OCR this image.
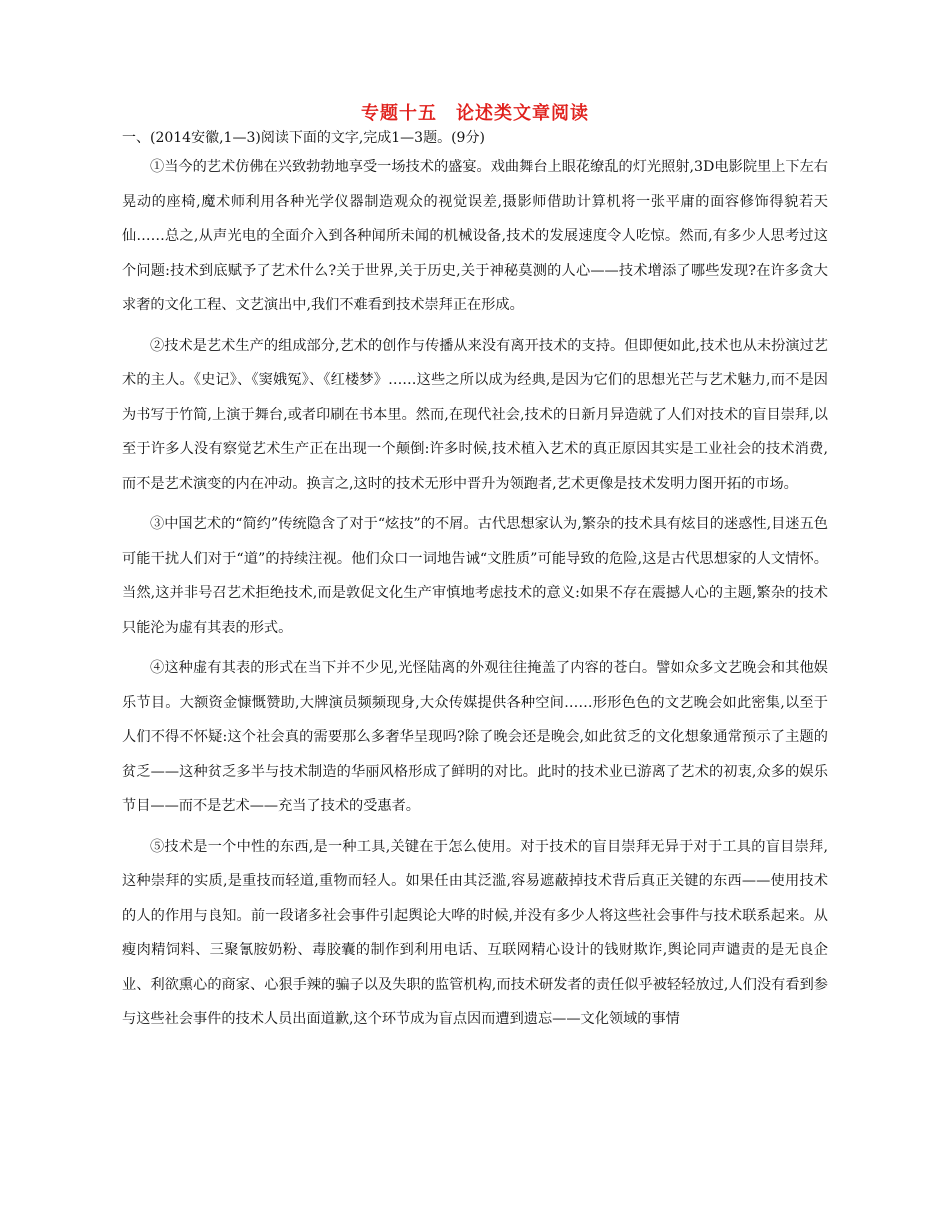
专题十五　论述类文章阅读
一、(2014安徽,1—3)阅读下面的文字,完成1—3题。(9分)

①当今的艺术仿佛在兴致勃勃地享受一场技术的盛宴。戏曲舞台上眼花缭乱的灯光照射,3D电影院里上下左右晃动的座椅,魔术师利用各种光学仪器制造观众的视觉误差,摄影师借助计算机将一张平庸的面容修饰得貌若天仙……总之,从声光电的全面介入到各种闻所未闻的机械设备,技术的发展速度令人吃惊。然而,有多少人思考过这个问题:技术到底赋予了艺术什么?关于世界,关于历史,关于神秘莫测的人心——技术增添了哪些发现?在许多贪大求奢的文化工程、文艺演出中,我们不难看到技术崇拜正在形成。

②技术是艺术生产的组成部分,艺术的创作与传播从来没有离开技术的支持。但即便如此,技术也从未扮演过艺术的主人。《史记》、《窦娥冤》、《红楼梦》……这些之所以成为经典,是因为它们的思想光芒与艺术魅力,而不是因为书写于竹简,上演于舞台,或者印刷在书本里。然而,在现代社会,技术的日新月异造就了人们对技术的盲目崇拜,以至于许多人没有察觉艺术生产正在出现一个颠倒:许多时候,技术植入艺术的真正原因其实是工业社会的技术消费,而不是艺术演变的内在冲动。换言之,这时的技术无形中晋升为领跑者,艺术更像是技术发明力图开拓的市场。

③中国艺术的“简约”传统隐含了对于“炫技”的不屑。古代思想家认为,繁杂的技术具有炫目的迷惑性,目迷五色可能干扰人们对于“道”的持续注视。他们众口一词地告诫“文胜质”可能导致的危险,这是古代思想家的人文情怀。当然,这并非号召艺术拒绝技术,而是敦促文化生产审慎地考虑技术的意义:如果不存在震撼人心的主题,繁杂的技术只能沦为虚有其表的形式。

④这种虚有其表的形式在当下并不少见,光怪陆离的外观往往掩盖了内容的苍白。譬如众多文艺晚会和其他娱乐节目。大额资金慷慨赞助,大牌演员频频现身,大众传媒提供各种空间……形形色色的文艺晚会如此密集,以至于人们不得不怀疑:这个社会真的需要那么多奢华呈现吗?除了晚会还是晚会,如此贫乏的文化想象通常预示了主题的贫乏——这种贫乏多半与技术制造的华丽风格形成了鲜明的对比。此时的技术业已游离了艺术的初衷,众多的娱乐节目——而不是艺术——充当了技术的受惠者。

⑤技术是一个中性的东西,是一种工具,关键在于怎么使用。对于技术的盲目崇拜无异于对于工具的盲目崇拜,这种崇拜的实质,是重技而轻道,重物而轻人。如果任由其泛滥,容易遮蔽掉技术背后真正关键的东西——使用技术的人的作用与良知。前一段诸多社会事件引起舆论大哗的时候,并没有多少人将这些社会事件与技术联系起来。从瘦肉精饲料、三聚氰胺奶粉、毒胶囊的制作到利用电话、互联网精心设计的钱财欺诈,舆论同声谴责的是无良企业、利欲熏心的商家、心狠手辣的骗子以及失职的监管机构,而技术研发者的责任似乎被轻轻放过,人们没有看到参与这些社会事件的技术人员出面道歉,这个环节成为盲点因而遭到遗忘——文化领域的事情
